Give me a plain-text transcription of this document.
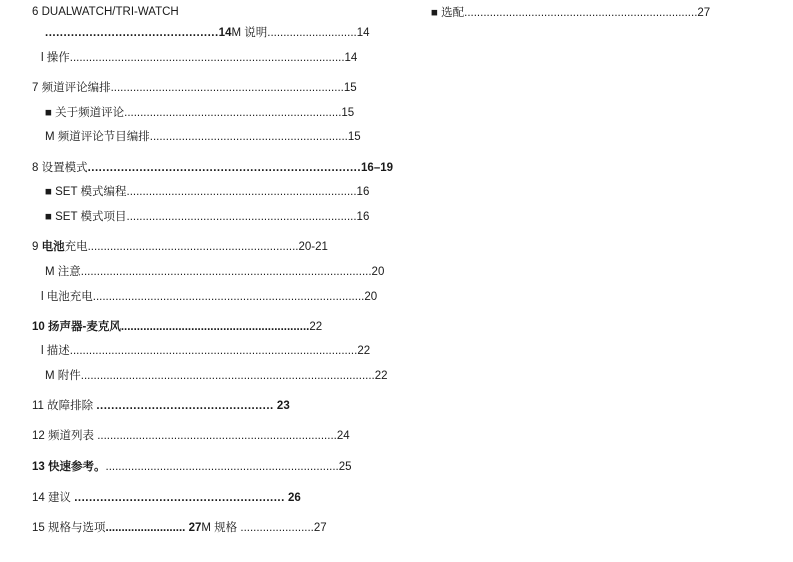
6 DUALWATCH/TRI-WATCH
...............................................14M 说明............................14
l 操作......................................................................................14
7 频道评论编排.........................................................................15
■ 关于频道评论....................................................................15
M 频道评论节目编排..............................................................15
8 设置模式..........................................................................16–19
■ SET 模式编程........................................................................16
■ SET 模式项目........................................................................16
9 电池充电..................................................................20-21
M 注意...........................................................................................20
l 电池充电.....................................................................................20
10 扬声器-麦克风...........................................................22
l 描述..........................................................................................22
M 附件............................................................................................22
11 故障排除 ................................................ 23
12 频道列表 ...........................................................................24
13 快速参考。.........................................................................25
14 建议 ......................................................... 26
15 规格与选项......................... 27M 规格 .......................27
■ 选配.........................................................................27
